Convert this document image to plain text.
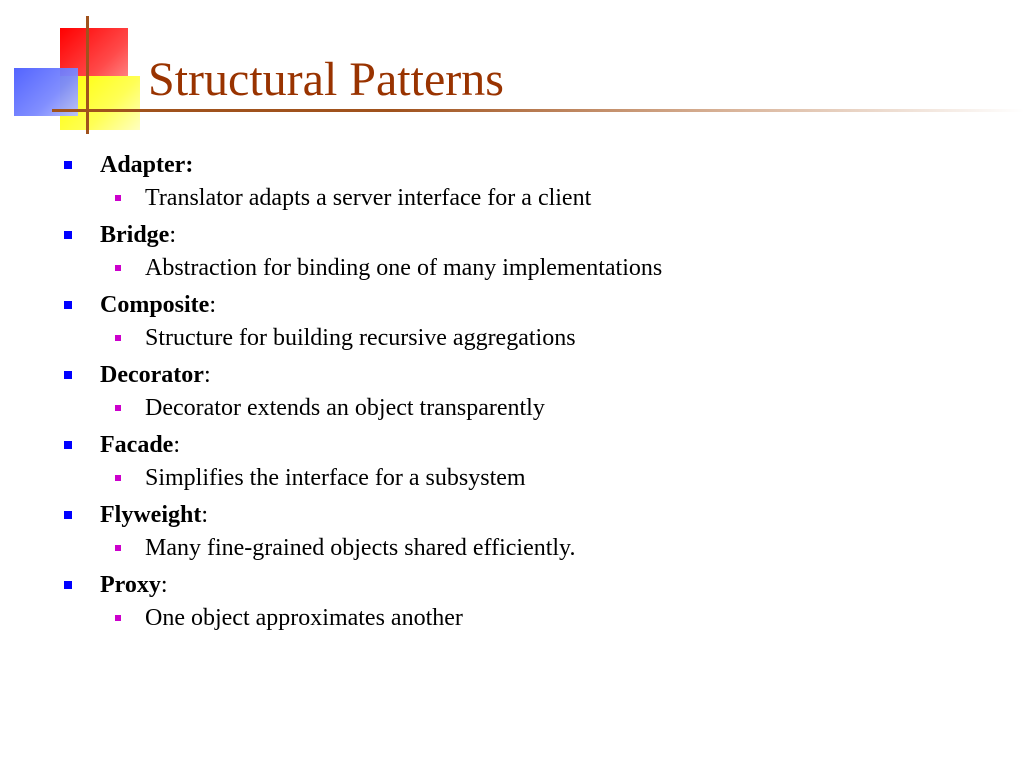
Structural Patterns
Adapter:
Translator adapts a server interface for a client
Bridge:
Abstraction for binding one of many implementations
Composite:
Structure for building recursive aggregations
Decorator:
Decorator extends an object transparently
Facade:
Simplifies the interface for a subsystem
Flyweight:
Many fine-grained objects shared efficiently.
Proxy:
One object approximates another
